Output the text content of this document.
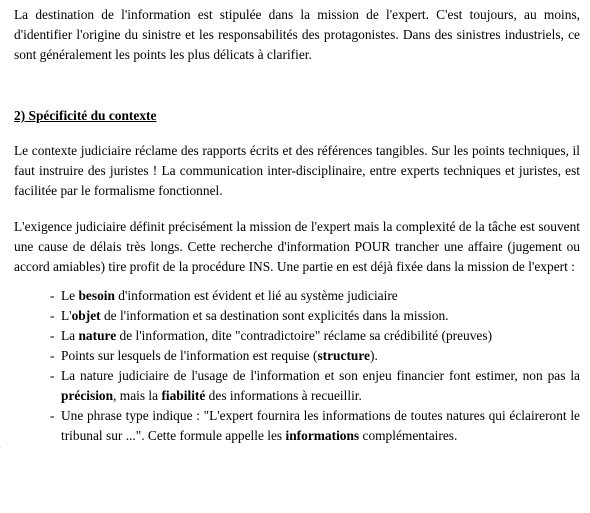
La destination de l'information est stipulée dans la mission de l'expert. C'est toujours, au moins, d'identifier l'origine du sinistre et les responsabilités des protagonistes. Dans des sinistres industriels, ce sont généralement les points les plus délicats à clarifier.

2) Spécificité du contexte

Le contexte judiciaire réclame des rapports écrits et des références tangibles. Sur les points techniques, il faut instruire des juristes ! La communication inter-disciplinaire, entre experts techniques et juristes, est facilitée par le formalisme fonctionnel.

L'exigence judiciaire définit précisément la mission de l'expert mais la complexité de la tâche est souvent une cause de délais très longs. Cette recherche d'information POUR trancher une affaire (jugement ou accord amiables) tire profit de la procédure INS. Une partie en est déjà fixée dans la mission de l'expert :

- Le besoin d'information est évident et lié au système judiciaire
- L'objet de l'information et sa destination sont explicités dans la mission.
- La nature de l'information, dite "contradictoire" réclame sa crédibilité (preuves)
- Points sur lesquels de l'information est requise (structure).
- La nature judiciaire de l'usage de l'information et son enjeu financier font estimer, non pas la précision, mais la fiabilité des informations à recueillir.
- Une phrase type indique : "L'expert fournira les informations de toutes natures qui éclaireront le tribunal sur ...". Cette formule appelle les informations complémentaires.
